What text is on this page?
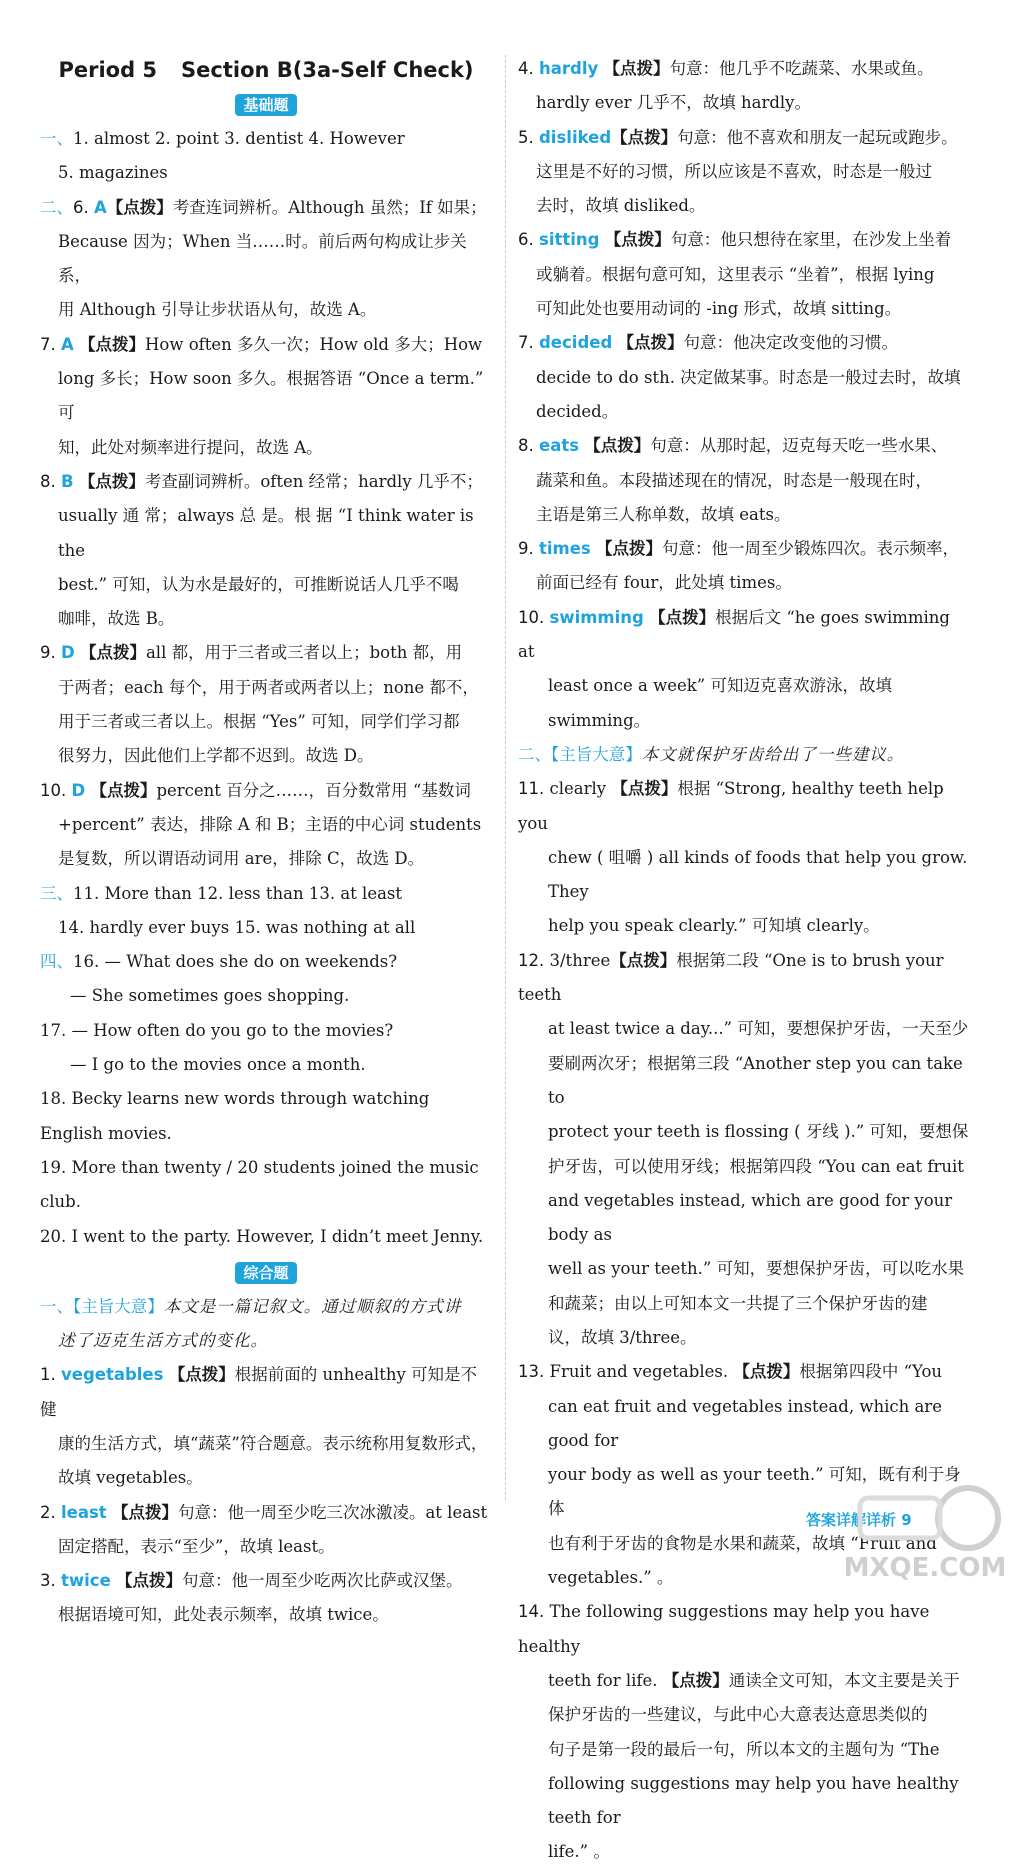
Period 5 Section B(3a-Self Check)
基础题

一、1. almost 2. point 3. dentist 4. However

5. magazines

二、6. A【点拨】考查连词辨析。Although 虽然；If 如果；

Because 因为；When 当……时。前后两句构成让步关系，

用 Although 引导让步状语从句，故选 A。

7. A 【点拨】How often 多久一次；How old 多大；How

long 多长；How soon 多久。根据答语 “Once a term.” 可

知，此处对频率进行提问，故选 A。

8. B 【点拨】考查副词辨析。often 经常；hardly 几乎不；

usually 通 常；always 总 是。根 据 “I think water is the

best.” 可知，认为水是最好的，可推断说话人几乎不喝

咖啡，故选 B。

9. D 【点拨】all 都，用于三者或三者以上；both 都，用

于两者；each 每个，用于两者或两者以上；none 都不，

用于三者或三者以上。根据 “Yes” 可知，同学们学习都

很努力，因此他们上学都不迟到。故选 D。

10. D 【点拨】percent 百分之……，百分数常用 “基数词

+percent” 表达，排除 A 和 B；主语的中心词 students

是复数，所以谓语动词用 are，排除 C，故选 D。

三、11. More than 12. less than 13. at least

14. hardly ever buys 15. was nothing at all

四、16. — What does she do on weekends?

— She sometimes goes shopping.

17. — How often do you go to the movies?

— I go to the movies once a month.

18. Becky learns new words through watching English movies.

19. More than twenty / 20 students joined the music club.

20. I went to the party. However, I didn’t meet Jenny.

综合题

一、【主旨大意】本文是一篇记叙文。通过顺叙的方式讲

述了迈克生活方式的变化。

1. vegetables 【点拨】根据前面的 unhealthy 可知是不健

康的生活方式，填“蔬菜”符合题意。表示统称用复数形式，

故填 vegetables。

2. least 【点拨】句意：他一周至少吃三次冰激凌。at least

固定搭配，表示“至少”，故填 least。

3. twice 【点拨】句意：他一周至少吃两次比萨或汉堡。

根据语境可知，此处表示频率，故填 twice。

4. hardly 【点拨】句意：他几乎不吃蔬菜、水果或鱼。

hardly ever 几乎不，故填 hardly。

5. disliked【点拨】句意：他不喜欢和朋友一起玩或跑步。

这里是不好的习惯，所以应该是不喜欢，时态是一般过

去时，故填 disliked。

6. sitting 【点拨】句意：他只想待在家里，在沙发上坐着

或躺着。根据句意可知，这里表示 “坐着”，根据 lying

可知此处也要用动词的 -ing 形式，故填 sitting。

7. decided 【点拨】句意：他决定改变他的习惯。

decide to do sth. 决定做某事。时态是一般过去时，故填

decided。

8. eats 【点拨】句意：从那时起，迈克每天吃一些水果、

蔬菜和鱼。本段描述现在的情况，时态是一般现在时，

主语是第三人称单数，故填 eats。

9. times 【点拨】句意：他一周至少锻炼四次。表示频率，

前面已经有 four，此处填 times。

10. swimming 【点拨】根据后文 “he goes swimming at

least once a week” 可知迈克喜欢游泳，故填 swimming。

二、【主旨大意】本文就保护牙齿给出了一些建议。

11. clearly 【点拨】根据 “Strong, healthy teeth help you

chew ( 咀嚼 ) all kinds of foods that help you grow. They

help you speak clearly.” 可知填 clearly。

12. 3/three【点拨】根据第二段 “One is to brush your teeth

at least twice a day...” 可知，要想保护牙齿，一天至少

要刷两次牙；根据第三段 “Another step you can take to

protect your teeth is flossing ( 牙线 ).” 可知，要想保

护牙齿，可以使用牙线；根据第四段 “You can eat fruit

and vegetables instead, which are good for your body as

well as your teeth.” 可知，要想保护牙齿，可以吃水果

和蔬菜；由以上可知本文一共提了三个保护牙齿的建

议，故填 3/three。

13. Fruit and vegetables. 【点拨】根据第四段中 “You

can eat fruit and vegetables instead, which are good for

your body as well as your teeth.” 可知，既有利于身体

也有利于牙齿的食物是水果和蔬菜，故填 “Fruit and

vegetables.” 。

14. The following suggestions may help you have healthy

teeth for life. 【点拨】通读全文可知，本文主要是关于

保护牙齿的一些建议，与此中心大意表达意思类似的

句子是第一段的最后一句，所以本文的主题句为 “The

following suggestions may help you have healthy teeth for

life.” 。

答案详解详析 9
MXQE.COM
